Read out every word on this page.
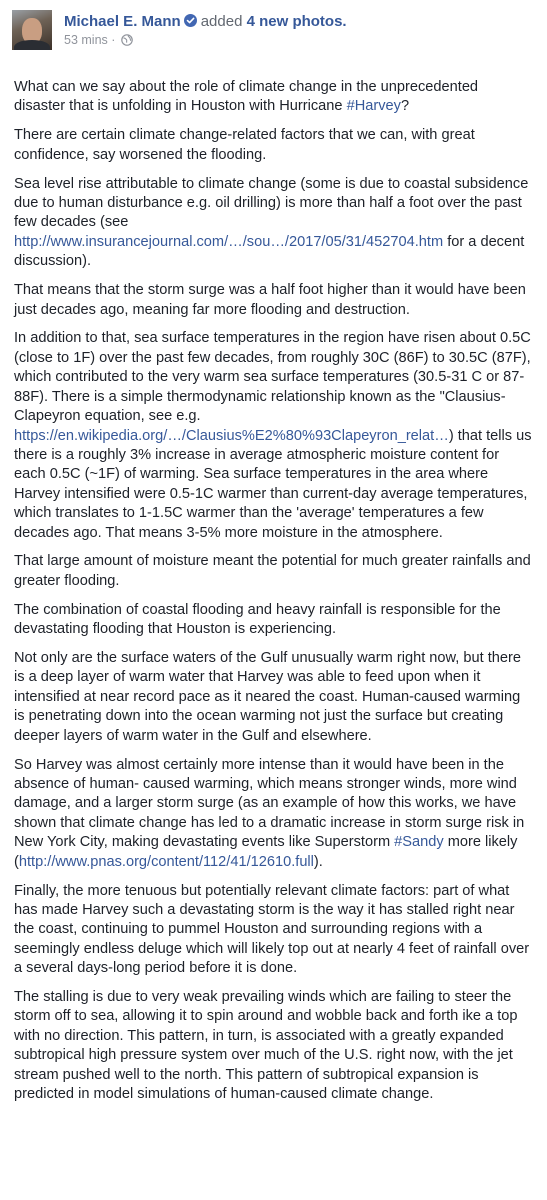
Michael E. Mann added 4 new photos.
53 mins ·

What can we say about the role of climate change in the unprecedented disaster that is unfolding in Houston with Hurricane #Harvey?

There are certain climate change-related factors that we can, with great confidence, say worsened the flooding.

Sea level rise attributable to climate change (some is due to coastal subsidence due to human disturbance e.g. oil drilling) is more than half a foot over the past few decades (see http://www.insurancejournal.com/…/sou…/2017/05/31/452704.htm for a decent discussion).

That means that the storm surge was a half foot higher than it would have been just decades ago, meaning far more flooding and destruction.

In addition to that, sea surface temperatures in the region have risen about 0.5C (close to 1F) over the past few decades, from roughly 30C (86F) to 30.5C (87F), which contributed to the very warm sea surface temperatures (30.5-31 C or 87-88F). There is a simple thermodynamic relationship known as the "Clausius-Clapeyron equation, see e.g. https://en.wikipedia.org/…/Clausius%E2%80%93Clapeyron_relat…) that tells us there is a roughly 3% increase in average atmospheric moisture content for each 0.5C (~1F) of warming. Sea surface temperatures in the area where Harvey intensified were 0.5-1C warmer than current-day average temperatures, which translates to 1-1.5C warmer than the 'average' temperatures a few decades ago. That means 3-5% more moisture in the atmosphere.

That large amount of moisture meant the potential for much greater rainfalls and greater flooding.

The combination of coastal flooding and heavy rainfall is responsible for the devastating flooding that Houston is experiencing.

Not only are the surface waters of the Gulf unusually warm right now, but there is a deep layer of warm water that Harvey was able to feed upon when it intensified at near record pace as it neared the coast. Human-caused warming is penetrating down into the ocean warming not just the surface but creating deeper layers of warm water in the Gulf and elsewhere.

So Harvey was almost certainly more intense than it would have been in the absence of human- caused warming, which means stronger winds, more wind damage, and a larger storm surge (as an example of how this works, we have shown that climate change has led to a dramatic increase in storm surge risk in New York City, making devastating events like Superstorm #Sandy more likely (http://www.pnas.org/content/112/41/12610.full).

Finally, the more tenuous but potentially relevant climate factors: part of what has made Harvey such a devastating storm is the way it has stalled right near the coast, continuing to pummel Houston and surrounding regions with a seemingly endless deluge which will likely top out at nearly 4 feet of rainfall over a several days-long period before it is done.

The stalling is due to very weak prevailing winds which are failing to steer the storm off to sea, allowing it to spin around and wobble back and forth ike a top with no direction. This pattern, in turn, is associated with a greatly expanded subtropical high pressure system over much of the U.S. right now, with the jet stream pushed well to the north. This pattern of subtropical expansion is predicted in model simulations of human-caused climate change.
